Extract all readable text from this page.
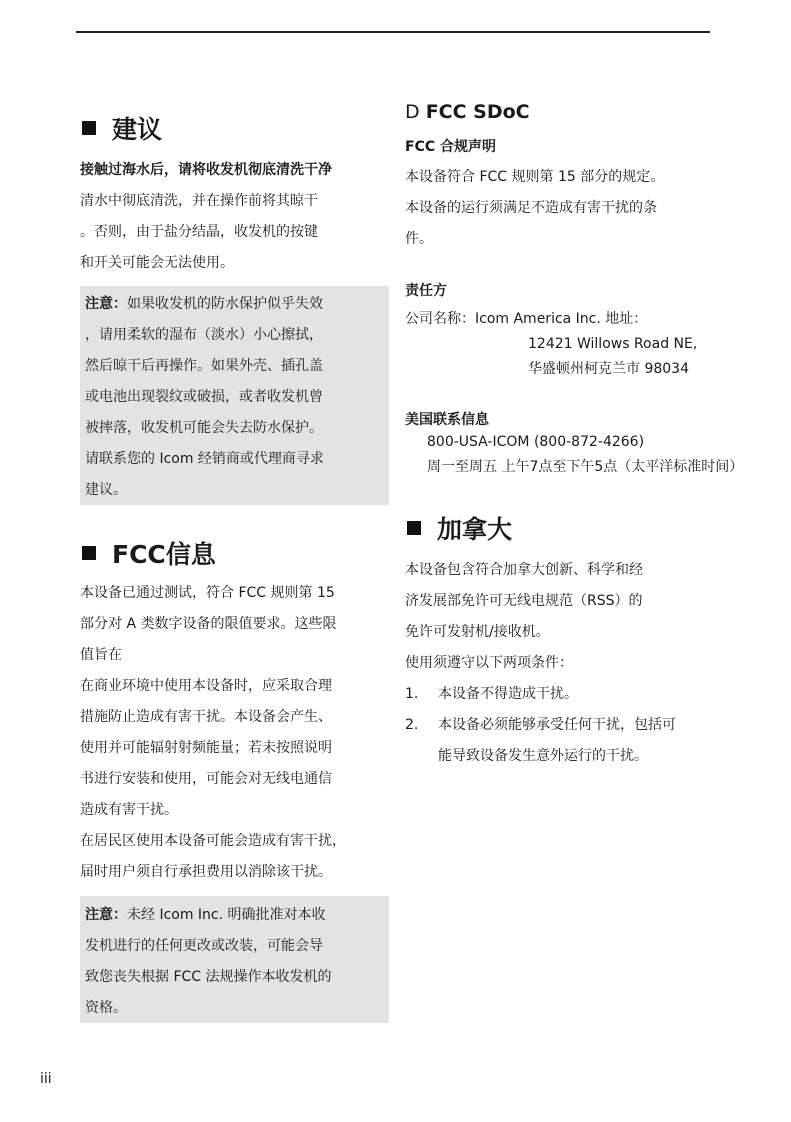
建议
接触过海水后，请将收发机彻底清洗干净
清水中彻底清洗，并在操作前将其晾干
。否则，由于盐分结晶，收发机的按键
和开关可能会无法使用。
注意：如果收发机的防水保护似乎失效
，请用柔软的湿布（淡水）小心擦拭，
然后晾干后再操作。如果外壳、插孔盖
或电池出现裂纹或破损，或者收发机曾
被摔落，收发机可能会失去防水保护。
请联系您的 Icom 经销商或代理商寻求
建议。
FCC信息
本设备已通过测试，符合 FCC 规则第 15
部分对 A 类数字设备的限值要求。这些限
值旨在
在商业环境中使用本设备时，应采取合理
措施防止造成有害干扰。本设备会产生、
使用并可能辐射射频能量；若未按照说明
书进行安装和使用，可能会对无线电通信
造成有害干扰。
在居民区使用本设备可能会造成有害干扰，
届时用户须自行承担费用以消除该干扰。
注意：未经 Icom Inc. 明确批准对本收
发机进行的任何更改或改装，可能会导
致您丧失根据 FCC 法规操作本收发机的
资格。
D FCC SDoC
FCC 合规声明
本设备符合 FCC 规则第 15 部分的规定。
本设备的运行须满足不造成有害干扰的条
件。
责任方
公司名称：Icom America Inc. 地址：
12421 Willows Road NE,
华盛顿州柯克兰市 98034
美国联系信息
800-USA-ICOM (800-872-4266)
周一至周五 上午7点至下午5点（太平洋标准时间）
加拿大
本设备包含符合加拿大创新、科学和经
济发展部免许可无线电规范（RSS）的
免许可发射机/接收机。
使用须遵守以下两项条件：
1. 本设备不得造成干扰。
2. 本设备必须能够承受任何干扰，包括可
能导致设备发生意外运行的干扰。
iii
